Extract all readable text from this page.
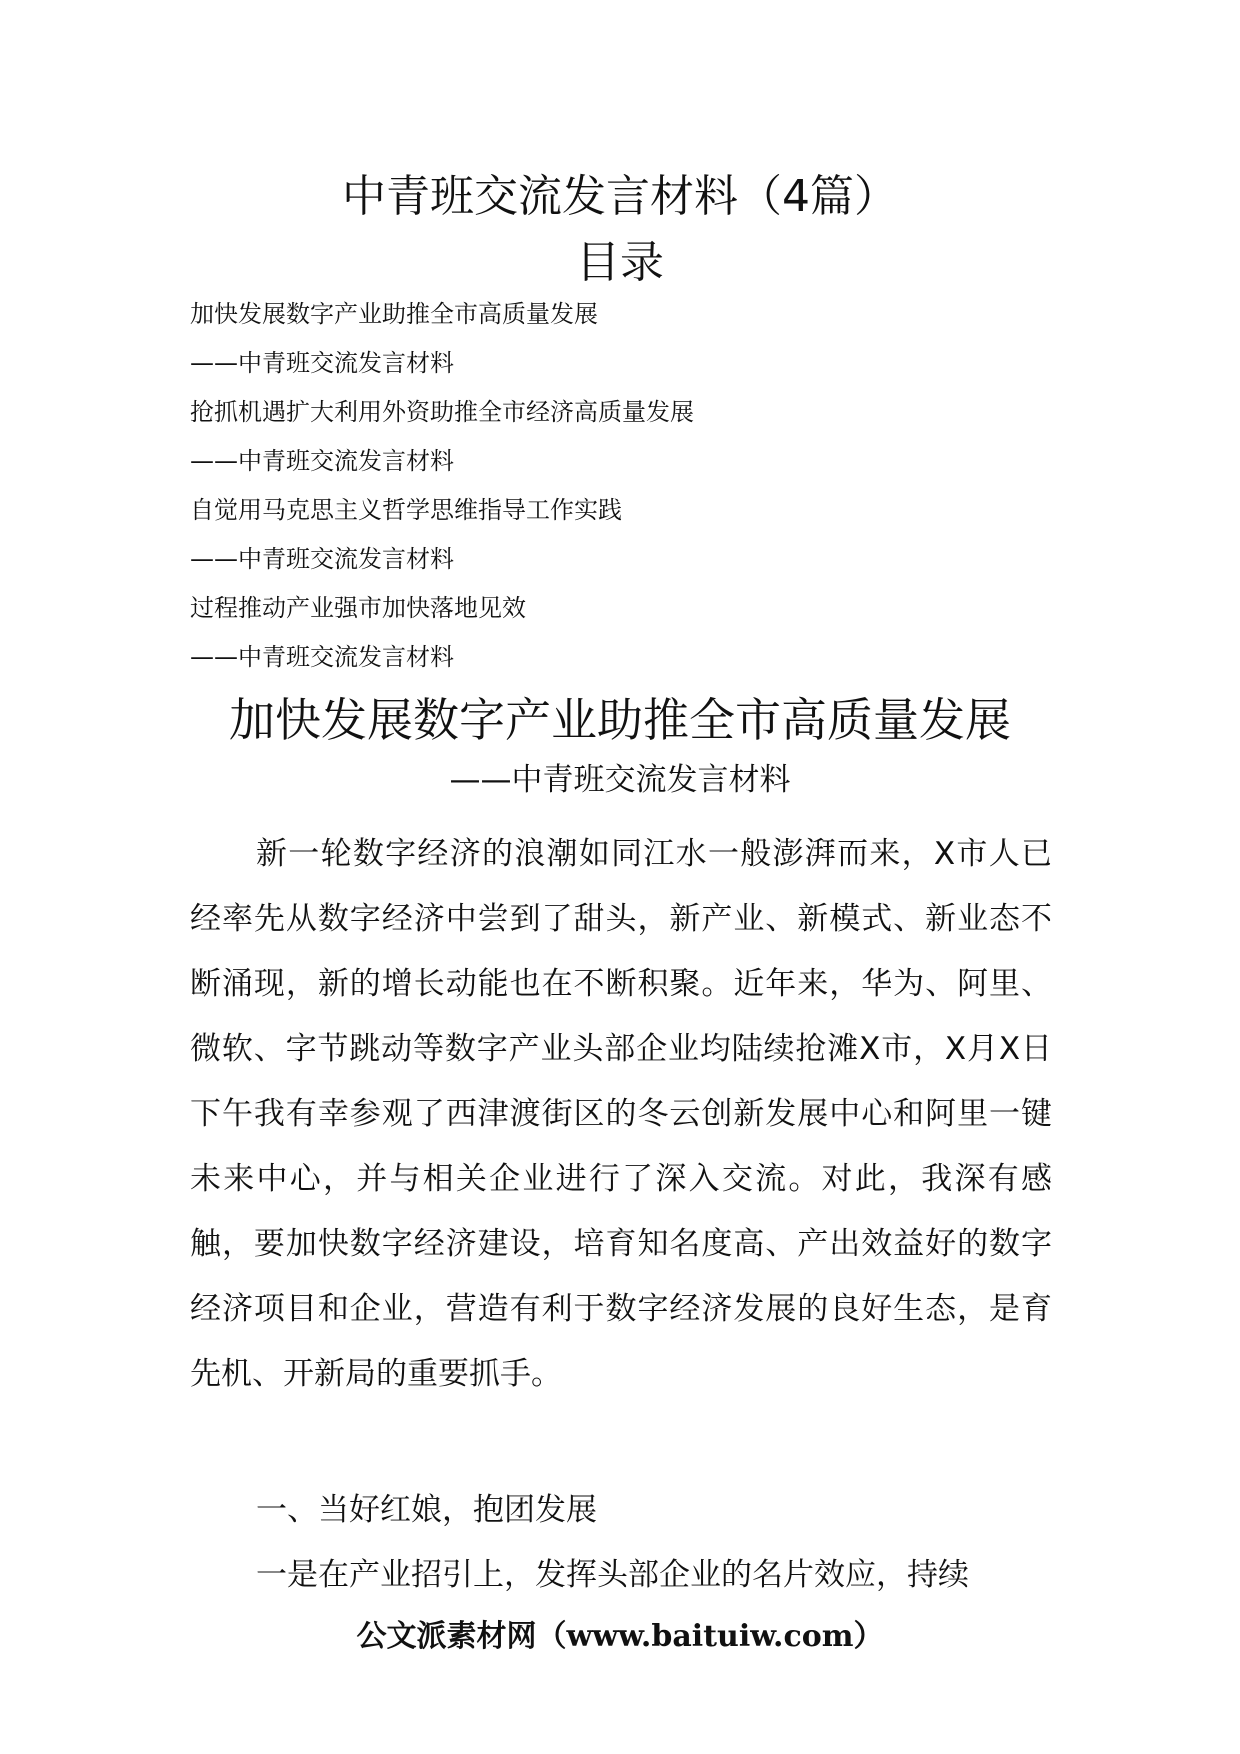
中青班交流发言材料（4篇）
目录
加快发展数字产业助推全市高质量发展
——中青班交流发言材料
抢抓机遇扩大利用外资助推全市经济高质量发展
——中青班交流发言材料
自觉用马克思主义哲学思维指导工作实践
——中青班交流发言材料
过程推动产业强市加快落地见效
——中青班交流发言材料
加快发展数字产业助推全市高质量发展

——中青班交流发言材料

新一轮数字经济的浪潮如同江水一般澎湃而来，X市人已经率先从数字经济中尝到了甜头，新产业、新模式、新业态不断涌现，新的增长动能也在不断积聚。近年来，华为、阿里、微软、字节跳动等数字产业头部企业均陆续抢滩X市，X月X日下午我有幸参观了西津渡街区的冬云创新发展中心和阿里一键未来中心，并与相关企业进行了深入交流。对此，我深有感触，要加快数字经济建设，培育知名度高、产出效益好的数字经济项目和企业，营造有利于数字经济发展的良好生态，是育先机、开新局的重要抓手。

一、当好红娘，抱团发展

一是在产业招引上，发挥头部企业的名片效应，持续

公文派素材网（www.baituiw.com）
